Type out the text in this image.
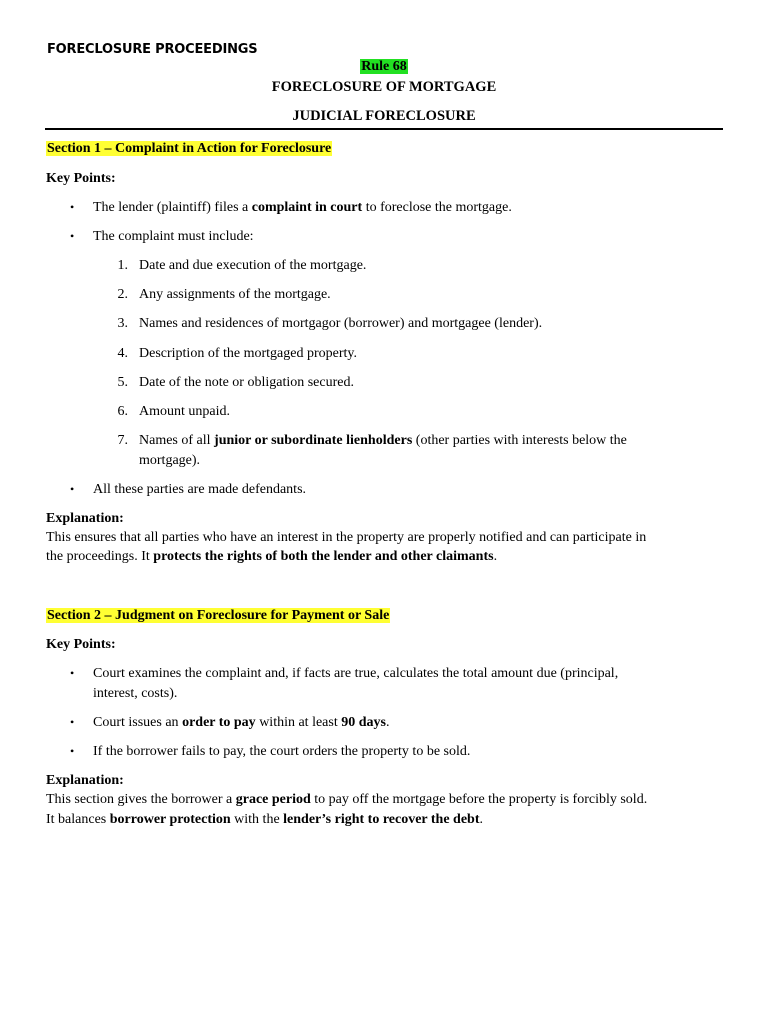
FORECLOSURE PROCEEDINGS
Rule 68
FORECLOSURE OF MORTGAGE
JUDICIAL FORECLOSURE
Section 1 – Complaint in Action for Foreclosure
Key Points:
• The lender (plaintiff) files a complaint in court to foreclose the mortgage.
• The complaint must include:
1. Date and due execution of the mortgage.
2. Any assignments of the mortgage.
3. Names and residences of mortgagor (borrower) and mortgagee (lender).
4. Description of the mortgaged property.
5. Date of the note or obligation secured.
6. Amount unpaid.
7. Names of all junior or subordinate lienholders (other parties with interests below the
mortgage).
• All these parties are made defendants.
Explanation:
This ensures that all parties who have an interest in the property are properly notified and can participate in
the proceedings. It protects the rights of both the lender and other claimants.
Section 2 – Judgment on Foreclosure for Payment or Sale
Key Points:
• Court examines the complaint and, if facts are true, calculates the total amount due (principal,
interest, costs).
• Court issues an order to pay within at least 90 days.
• If the borrower fails to pay, the court orders the property to be sold.
Explanation:
This section gives the borrower a grace period to pay off the mortgage before the property is forcibly sold.
It balances borrower protection with the lender’s right to recover the debt.
